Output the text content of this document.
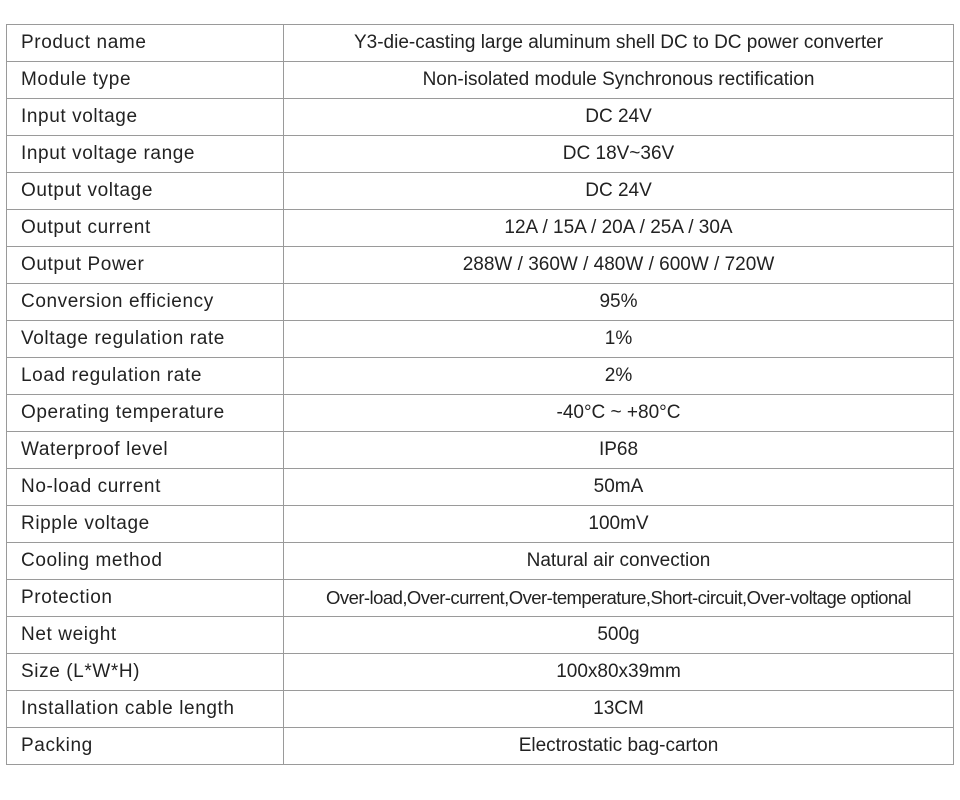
Product name	Y3-die-casting large aluminum shell DC to DC power converter
Module type	Non-isolated module Synchronous rectification
Input voltage	DC 24V
Input voltage range	DC 18V~36V
Output voltage	DC 24V
Output current	12A / 15A / 20A / 25A / 30A
Output Power	288W / 360W / 480W / 600W / 720W
Conversion efficiency	95%
Voltage regulation rate	1%
Load regulation rate	2%
Operating temperature	-40°C ~ +80°C
Waterproof level	IP68
No-load current	50mA
Ripple voltage	100mV
Cooling method	Natural air convection
Protection	Over-load,Over-current,Over-temperature,Short-circuit,Over-voltage optional
Net weight	500g
Size (L*W*H)	100x80x39mm
Installation cable length	13CM
Packing	Electrostatic bag-carton
